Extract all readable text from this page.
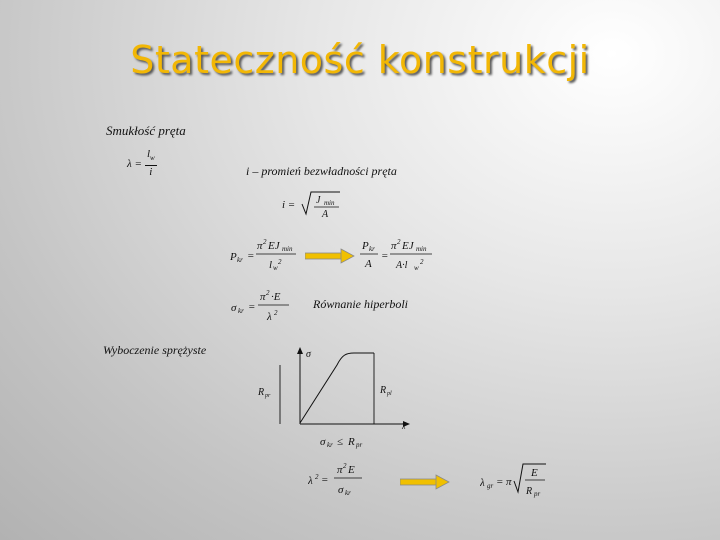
Stateczność konstrukcji
Smukłość pręta
$\lambda = \frac{l_w}{i}$	i – promień bezwładności pręta
i = J min
A
P kr =
π 2 EJ min
l w
2
P kr
A
=
π 2 EJ min
A·l w
2
σ kr =
π 2 ·E
λ 2
Równanie hiperboli
Wyboczenie sprężyste	σ
R pr	R pl
λ
σ kr ≤ R pr
λ 2 =
π 2 E
σ kr
λ gr = π
E
R pr
